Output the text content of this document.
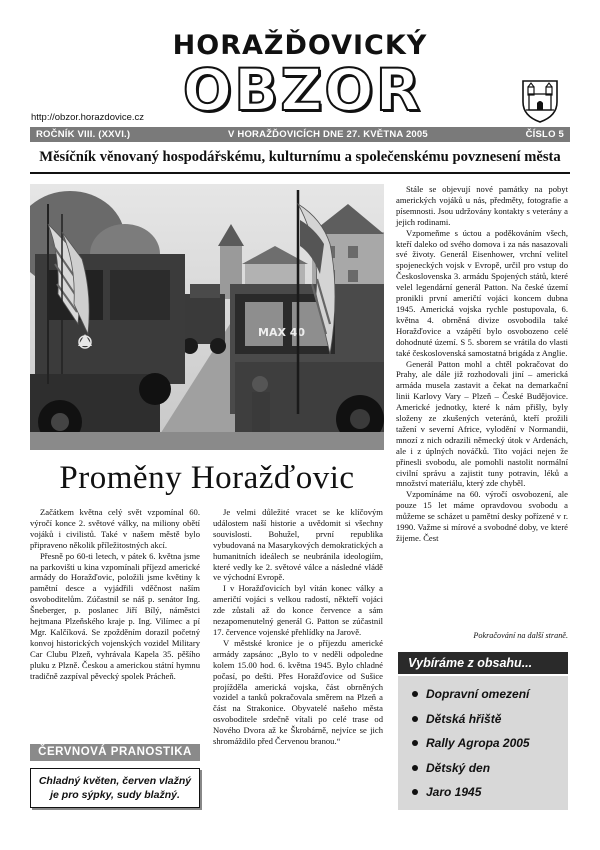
HORAŽĎOVICKÝ
OBZOR
http://obzor.horazdovice.cz
ROČNÍK VIII. (XXVI.)	V HORAŽĎOVICÍCH DNE 27. KVĚTNA 2005	ČÍSLO 5
Měsíčník věnovaný hospodářskému, kulturnímu a společenskému povznesení města
MAX 40
Proměny Horažďovic

Začátkem května celý svět vzpomínal 60. výročí konce 2. světové války, na miliony obětí vojáků i civilistů. Také v našem městě bylo připraveno několik příležitostných akcí.

Přesně po 60-ti letech, v pátek 6. května jsme na parkovišti u kina vzpomínali příjezd americké armády do Horažďovic, položili jsme květiny k pamětní desce a vyjádřili vděčnost naším osvoboditelům. Zúčastnil se náš p. senátor Ing. Šneberger, p. poslanec Jiří Bílý, náměstci hejtmana Plzeňského kraje p. Ing. Vilímec a pí Mgr. Kalčíková. Se zpožděním dorazil početný konvoj historických vojenských vozidel Military Car Clubu Plzeň, vyhrávala Kapela 35. pěšího pluku z Plzně. Českou a americkou státní hymnu tradičně zazpíval pěvecký spolek Prácheň.

Je velmi důležité vracet se ke klíčovým událostem naší historie a uvědomit si všechny souvislosti. Bohužel, první republika vybudovaná na Masarykových demokratických a humanitních ideálech se neubránila ideologiím, které vedly ke 2. světové válce a následné vládě ve východní Evropě.

I v Horažďovicích byl vítán konec války a američtí vojáci s velkou radostí, někteří vojáci zde zůstali až do konce července a sám nezapomenutelný generál G. Patton se zúčastnil 17. července vojenské přehlídky na Jarově.

V městské kronice je o příjezdu americké armády zapsáno: „Bylo to v neděli odpoledne kolem 15.00 hod. 6. května 1945. Bylo chladné počasí, po dešti. Přes Horažďovice od Sušice projížděla americká vojska, část obrněných vozidel a tanků pokračovala směrem na Plzeň a část na Strakonice. Obyvatelé našeho města osvoboditele srdečně vítali po celé trase od Nového Dvora až ke Škrobárně, nejvíce se jich shromáždilo před Červenou branou.“

Stále se objevují nové památky na pobyt amerických vojáků u nás, předměty, fotografie a písemnosti. Jsou udržovány kontakty s veterány a jejich rodinami.

Vzpomeňme s úctou a poděkováním všech, kteří daleko od svého domova i za nás nasazovali své životy. Generál Eisenhower, vrchní velitel spojeneckých vojsk v Evropě, určil pro vstup do Československa 3. armádu Spojených států, které velel legendární generál Patton. Na české území pronikli první američtí vojáci koncem dubna 1945. Americká vojska rychle postupovala, 6. května 4. obrněná divize osvobodila také Horažďovice a vzápětí bylo osvobozeno celé dohodnuté území. S 5. sborem se vrátila do vlasti také československá samostatná brigáda z Anglie.

Generál Patton mohl a chtěl pokračovat do Prahy, ale dále již rozhodovali jiní – americká armáda musela zastavit a čekat na demarkační linii Karlovy Vary – Plzeň – České Budějovice. Americké jednotky, které k nám přišly, byly složeny ze zkušených veteránů, kteří prožili tažení v severní Africe, vylodění v Normandii, mnozí z nich odrazili německý útok v Ardenách, ale i z úplných nováčků. Tito vojáci nejen že přinesli svobodu, ale pomohli nastolit normální civilní správu a zajistit tuny potravin, léků a množství materiálu, který zde chyběl.

Vzpomínáme na 60. výročí osvobození, ale pouze 15 let máme opravdovou svobodu a můžeme se scházet u pamětní desky pořízené v r. 1990. Važme si mírové a svobodné doby, ve které žijeme. Čest

Pokračování na další straně.
ČERVNOVÁ PRANOSTIKA
Chladný květen, červen vlažný
je pro sýpky, sudy blažný.
Vybíráme z obsahu...
Dopravní omezení
Dětská hřiště
Rally Agropa 2005
Dětský den
Jaro 1945
